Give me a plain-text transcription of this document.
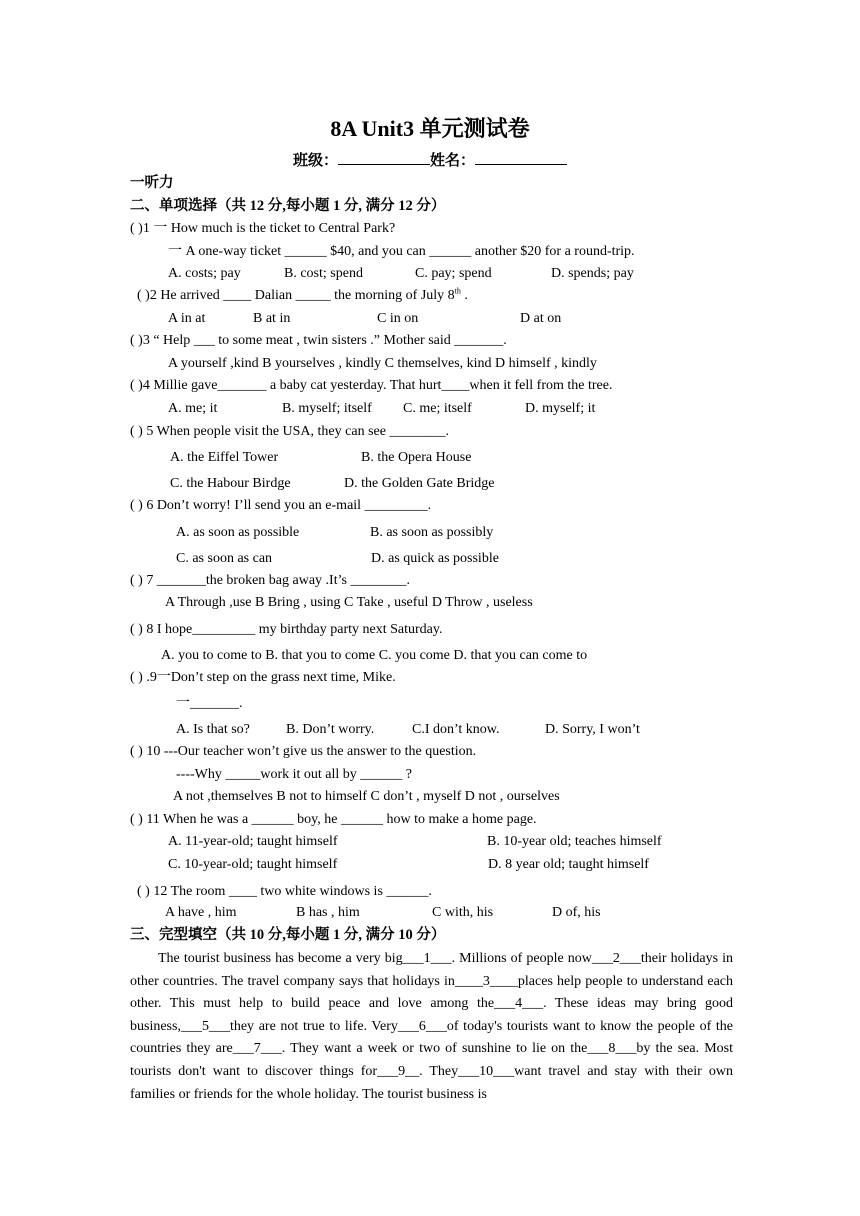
8A Unit3 单元测试卷
班级：	姓名：
一听力
二、单项选择（共 12 分,每小题 1 分, 满分 12 分）
( )1 一 How much is the ticket to Central Park?
一 A one-way ticket ______ $40, and you can ______ another $20 for a round-trip.
A. costs; pay	B. cost; spend	C. pay; spend	D. spends; pay
( )2 He arrived ____ Dalian _____ the morning of July 8th .
A in at	B at in	C in on	D at on
( )3 “ Help ___ to some meat , twin sisters .” Mother said _______.
A yourself ,kind B yourselves , kindly C themselves, kind D himself , kindly
( )4 Millie gave_______ a baby cat yesterday. That hurt____when it fell from the tree.
A. me; it	B. myself; itself C. me; itself	D. myself; it
( ) 5 When people visit the USA, they can see ________.
A. the Eiffel Tower	B. the Opera House
C. the Habour Birdge	D. the Golden Gate Bridge
( ) 6 Don’t worry! I’ll send you an e-mail _________.
A. as soon as possible	B. as soon as possibly
C. as soon as can	D. as quick as possible
( ) 7 _______the broken bag away .It’s ________.
A Through ,use B Bring , using C Take , useful D Throw , useless
( ) 8 I hope_________ my birthday party next Saturday.
A. you to come to B. that you to come C. you come D. that you can come to
( ) .9一Don’t step on the grass next time, Mike.
一_______.
A. Is that so?	B. Don’t worry.	C.I don’t know.	D. Sorry, I won’t
( ) 10 ---Our teacher won’t give us the answer to the question.
----Why _____work it out all by ______ ?
A not ,themselves B not to himself C don’t , myself D not , ourselves
( ) 11 When he was a ______ boy, he ______ how to make a home page.
A. 11-year-old; taught himself	B. 10-year old; teaches himself
C. 10-year-old; taught himself	D. 8 year old; taught himself
( ) 12 The room ____ two white windows is ______.
A have , him	B has , him	C with, his	D of, his
三、完型填空（共 10 分,每小题 1 分, 满分 10 分）
The tourist business has become a very big___1___. Millions of people now___2___their holidays in other countries. The travel company says that holidays in____3____places help people to understand each other. This must help to build peace and love among the___4___. These ideas may bring good business,___5___they are not true to life. Very___6___of today's tourists want to know the people of the countries they are___7___. They want a week or two of sunshine to lie on the___8___by the sea. Most tourists don't want to discover things for___9__. They___10___want travel and stay with their own families or friends for the whole holiday. The tourist business is
